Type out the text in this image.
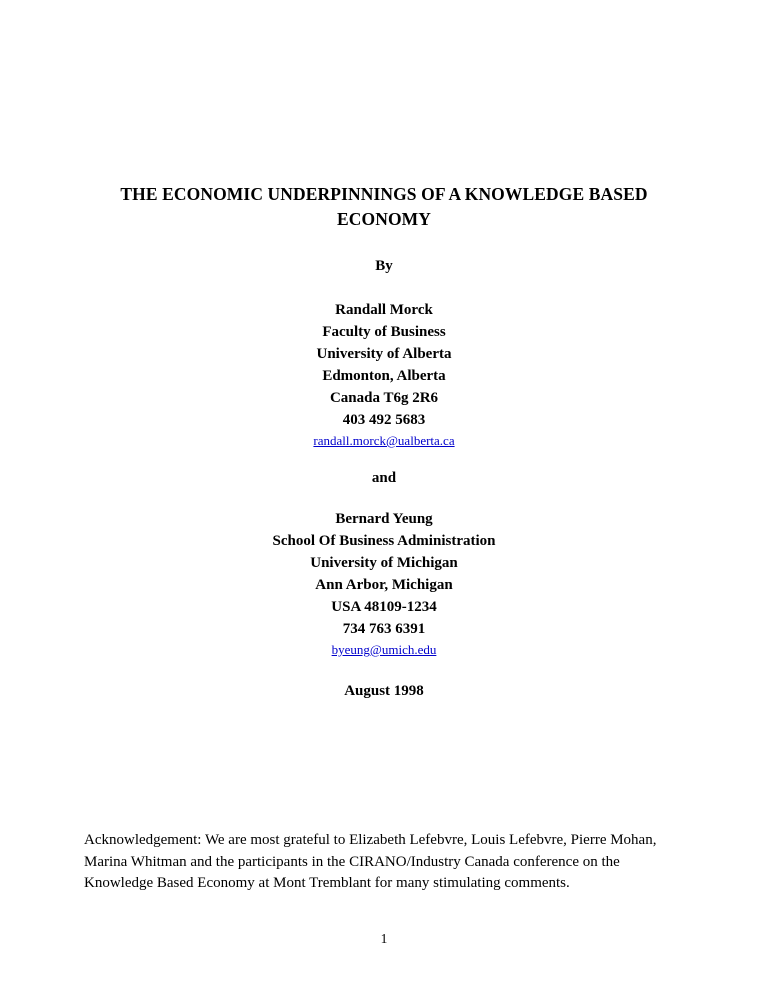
THE ECONOMIC UNDERPINNINGS OF A KNOWLEDGE BASED ECONOMY
By
Randall Morck
Faculty of Business
University of Alberta
Edmonton, Alberta
Canada T6g 2R6
403 492 5683
randall.morck@ualberta.ca
and
Bernard Yeung
School Of Business Administration
University of Michigan
Ann Arbor, Michigan
USA 48109-1234
734 763 6391
byeung@umich.edu
August 1998
Acknowledgement: We are most grateful to Elizabeth Lefebvre, Louis Lefebvre, Pierre Mohan, Marina Whitman and the participants in the CIRANO/Industry Canada conference on the Knowledge Based Economy at Mont Tremblant for many stimulating comments.
1
